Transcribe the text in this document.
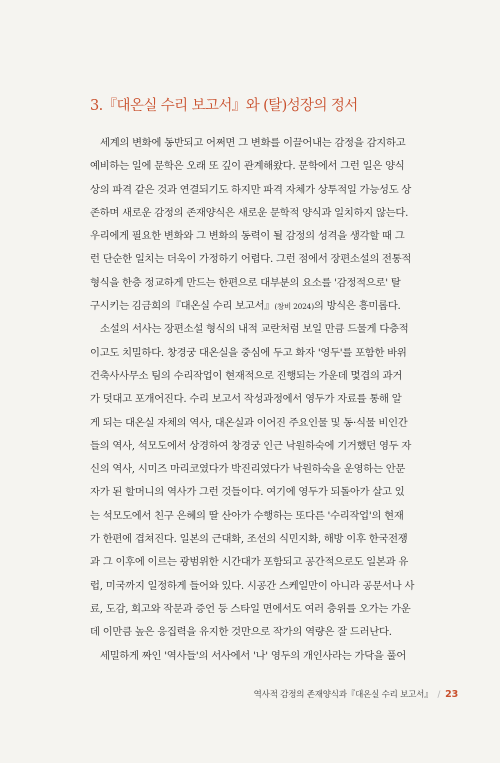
3.『대온실 수리 보고서』와 (탈)성장의 정서
세계의 변화에 동반되고 어쩌면 그 변화를 이끌어내는 감정을 감지하고
예비하는 일에 문학은 오래 또 깊이 관계해왔다. 문학에서 그런 일은 양식
상의 파격 같은 것과 연결되기도 하지만 파격 자체가 상투적일 가능성도 상
존하며 새로운 감정의 존재양식은 새로운 문학적 양식과 일치하지 않는다.
우리에게 필요한 변화와 그 변화의 동력이 될 감정의 성격을 생각할 때 그
런 단순한 일치는 더욱이 가정하기 어렵다. 그런 점에서 장편소설의 전통적
형식을 한층 정교하게 만드는 한편으로 대부분의 요소를 '감정적으로' 탈
구시키는 김금희의『대온실 수리 보고서』(창비 2024)의 방식은 흥미롭다.
소설의 서사는 장편소설 형식의 내적 교란처럼 보일 만큼 드물게 다층적
이고도 치밀하다. 창경궁 대온실을 중심에 두고 화자 '영두'를 포함한 바위
건축사사무소 팀의 수리작업이 현재적으로 진행되는 가운데 몇겹의 과거
가 덧대고 포개어진다. 수리 보고서 작성과정에서 영두가 자료를 통해 알
게 되는 대온실 자체의 역사, 대온실과 이어진 주요인물 및 동·식물 비인간
들의 역사, 석모도에서 상경하여 창경궁 인근 낙원하숙에 기거했던 영두 자
신의 역사, 시미즈 마리코였다가 박진리였다가 낙원하숙을 운영하는 안문
자가 된 할머니의 역사가 그런 것들이다. 여기에 영두가 되돌아가 살고 있
는 석모도에서 친구 은혜의 딸 산아가 수행하는 또다른 '수리작업'의 현재
가 한편에 겹쳐진다. 일본의 근대화, 조선의 식민지화, 해방 이후 한국전쟁
과 그 이후에 이르는 광범위한 시간대가 포함되고 공간적으로도 일본과 유
럽, 미국까지 일정하게 들어와 있다. 시공간 스케일만이 아니라 공문서나 사
료, 도감, 회고와 작문과 증언 등 스타일 면에서도 여러 층위를 오가는 가운
데 이만큼 높은 응집력을 유지한 것만으로 작가의 역량은 잘 드러난다.
세밀하게 짜인 '역사들'의 서사에서 '나' 영두의 개인사라는 가닥을 풀어
역사적 감정의 존재양식과『대온실 수리 보고서』 / 23
